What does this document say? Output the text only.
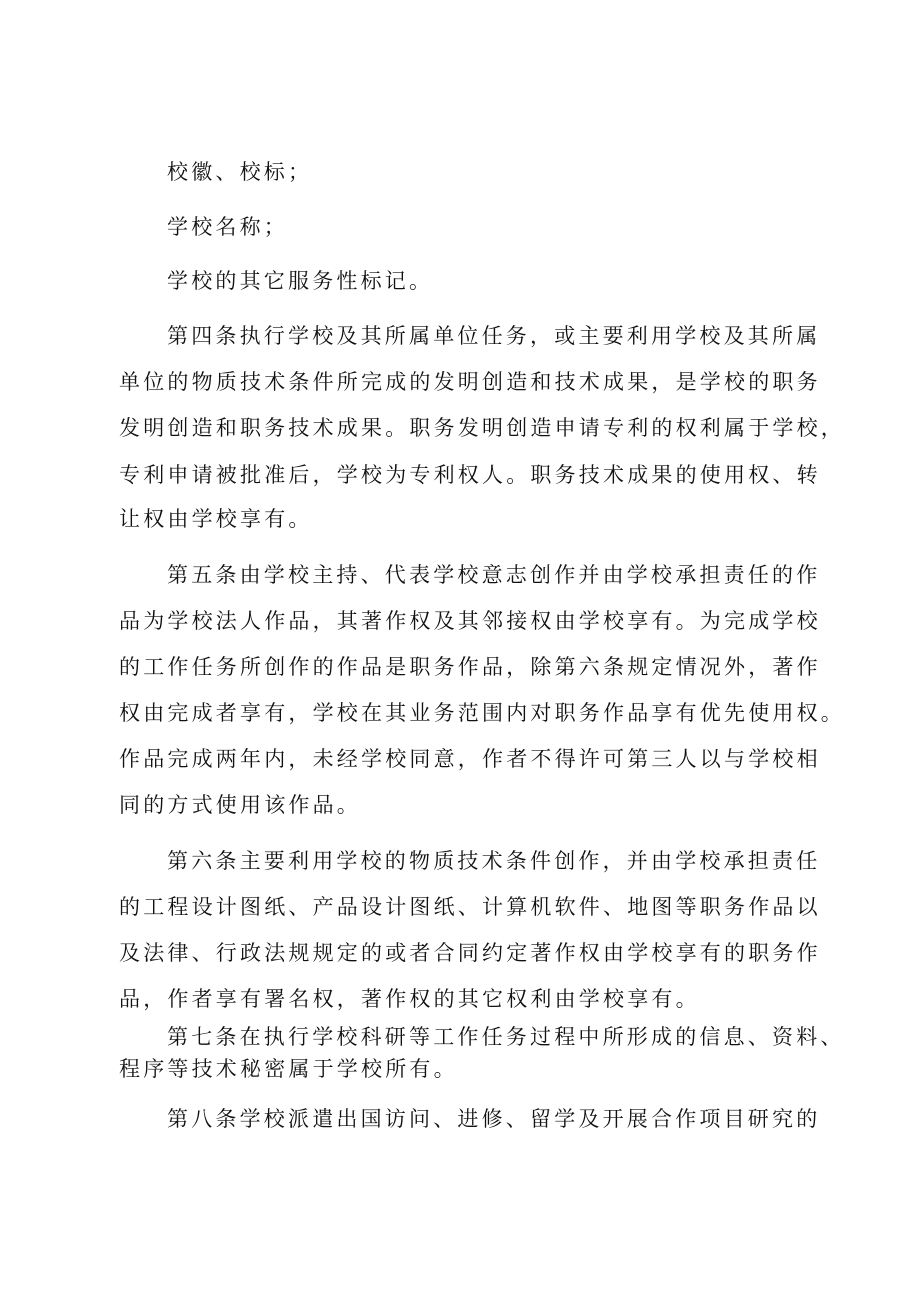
校徽、校标；
学校名称；
学校的其它服务性标记。
第四条执行学校及其所属单位任务，或主要利用学校及其所属
单位的物质技术条件所完成的发明创造和技术成果，是学校的职务
发明创造和职务技术成果。职务发明创造申请专利的权利属于学校，
专利申请被批准后，学校为专利权人。职务技术成果的使用权、转
让权由学校享有。
第五条由学校主持、代表学校意志创作并由学校承担责任的作
品为学校法人作品，其著作权及其邻接权由学校享有。为完成学校
的工作任务所创作的作品是职务作品，除第六条规定情况外，著作
权由完成者享有，学校在其业务范围内对职务作品享有优先使用权。
作品完成两年内，未经学校同意，作者不得许可第三人以与学校相
同的方式使用该作品。
第六条主要利用学校的物质技术条件创作，并由学校承担责任
的工程设计图纸、产品设计图纸、计算机软件、地图等职务作品以
及法律、行政法规规定的或者合同约定著作权由学校享有的职务作
品，作者享有署名权，著作权的其它权利由学校享有。
第七条在执行学校科研等工作任务过程中所形成的信息、资料、
程序等技术秘密属于学校所有。
第八条学校派遣出国访问、进修、留学及开展合作项目研究的
